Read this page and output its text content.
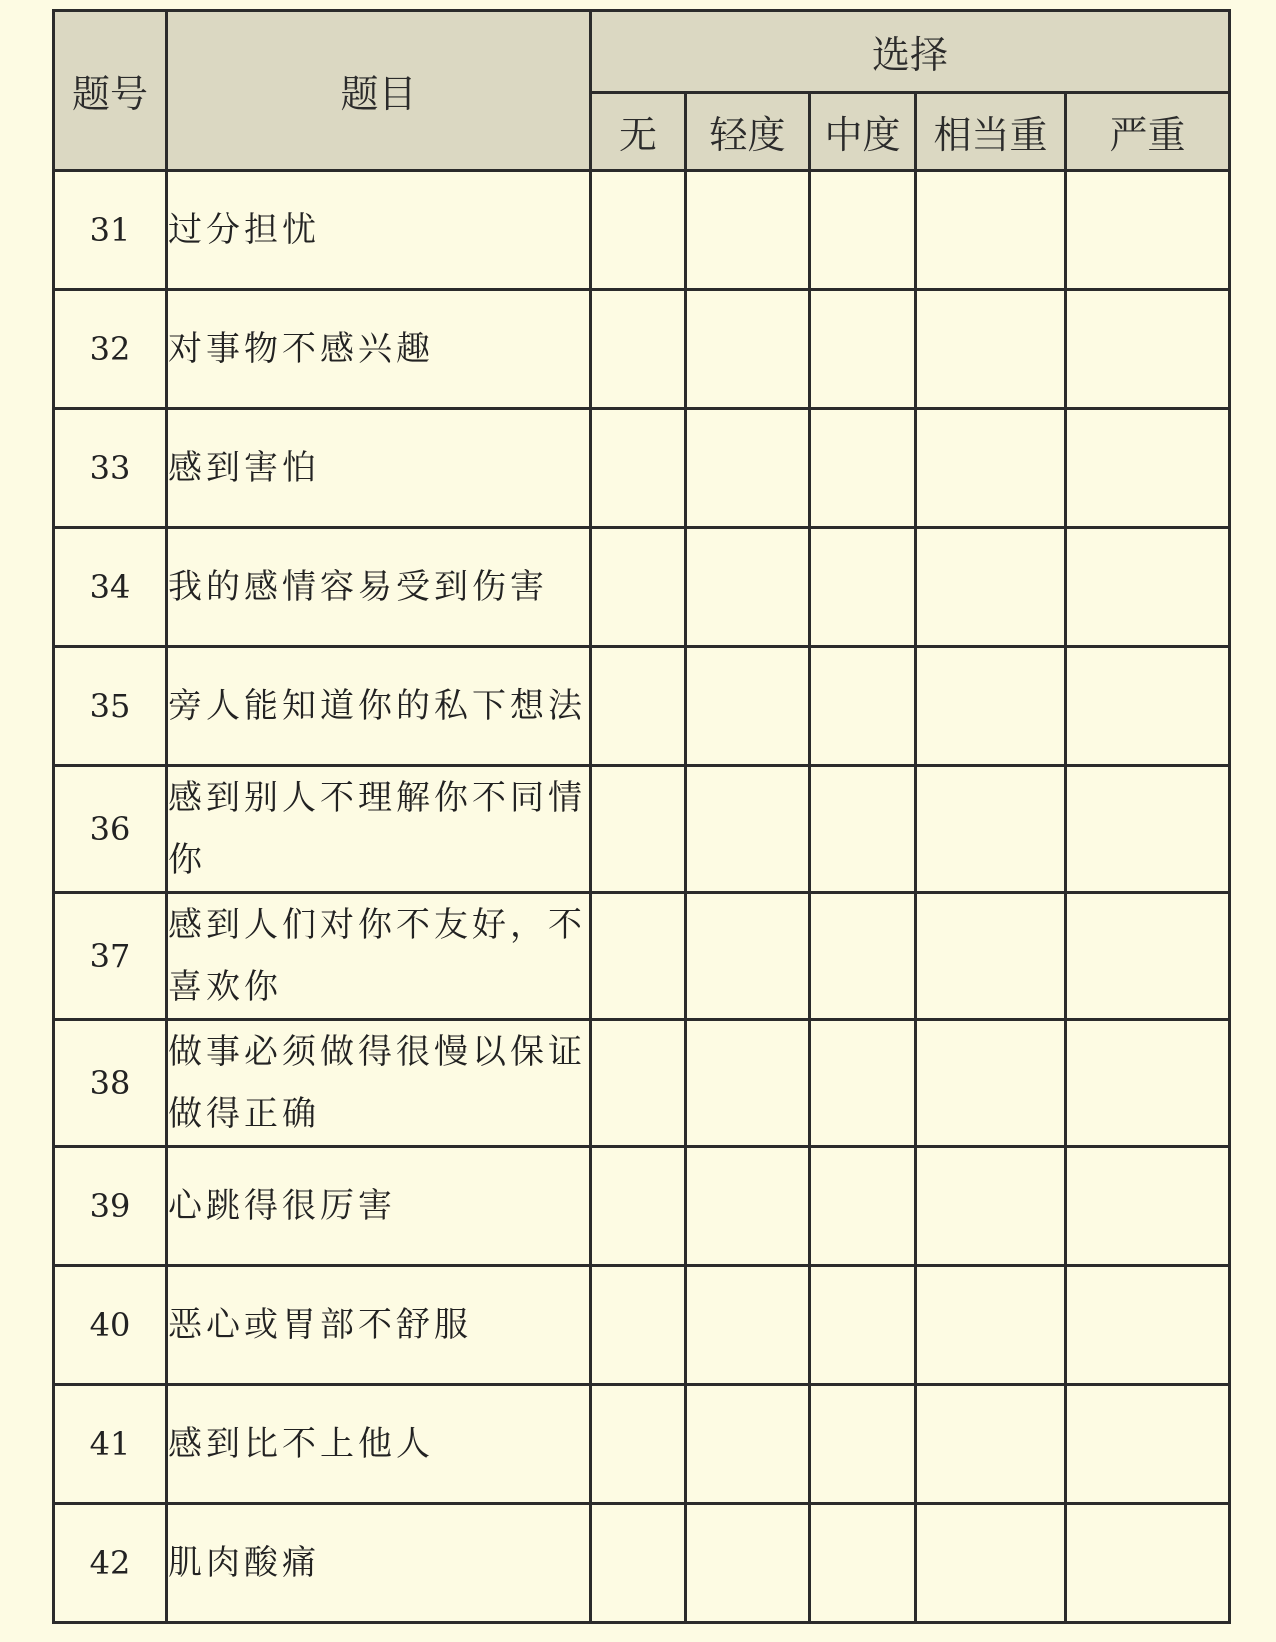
题号	题目	选择				
		无	轻度	中度	相当重	严重
31	过分担忧					
32	对事物不感兴趣					
33	感到害怕					
34	我的感情容易受到伤害					
35	旁人能知道你的私下想法					
36	感到别人不理解你不同情你					
37	感到人们对你不友好，不喜欢你					
38	做事必须做得很慢以保证做得正确					
39	心跳得很厉害					
40	恶心或胃部不舒服					
41	感到比不上他人					
42	肌肉酸痛					
